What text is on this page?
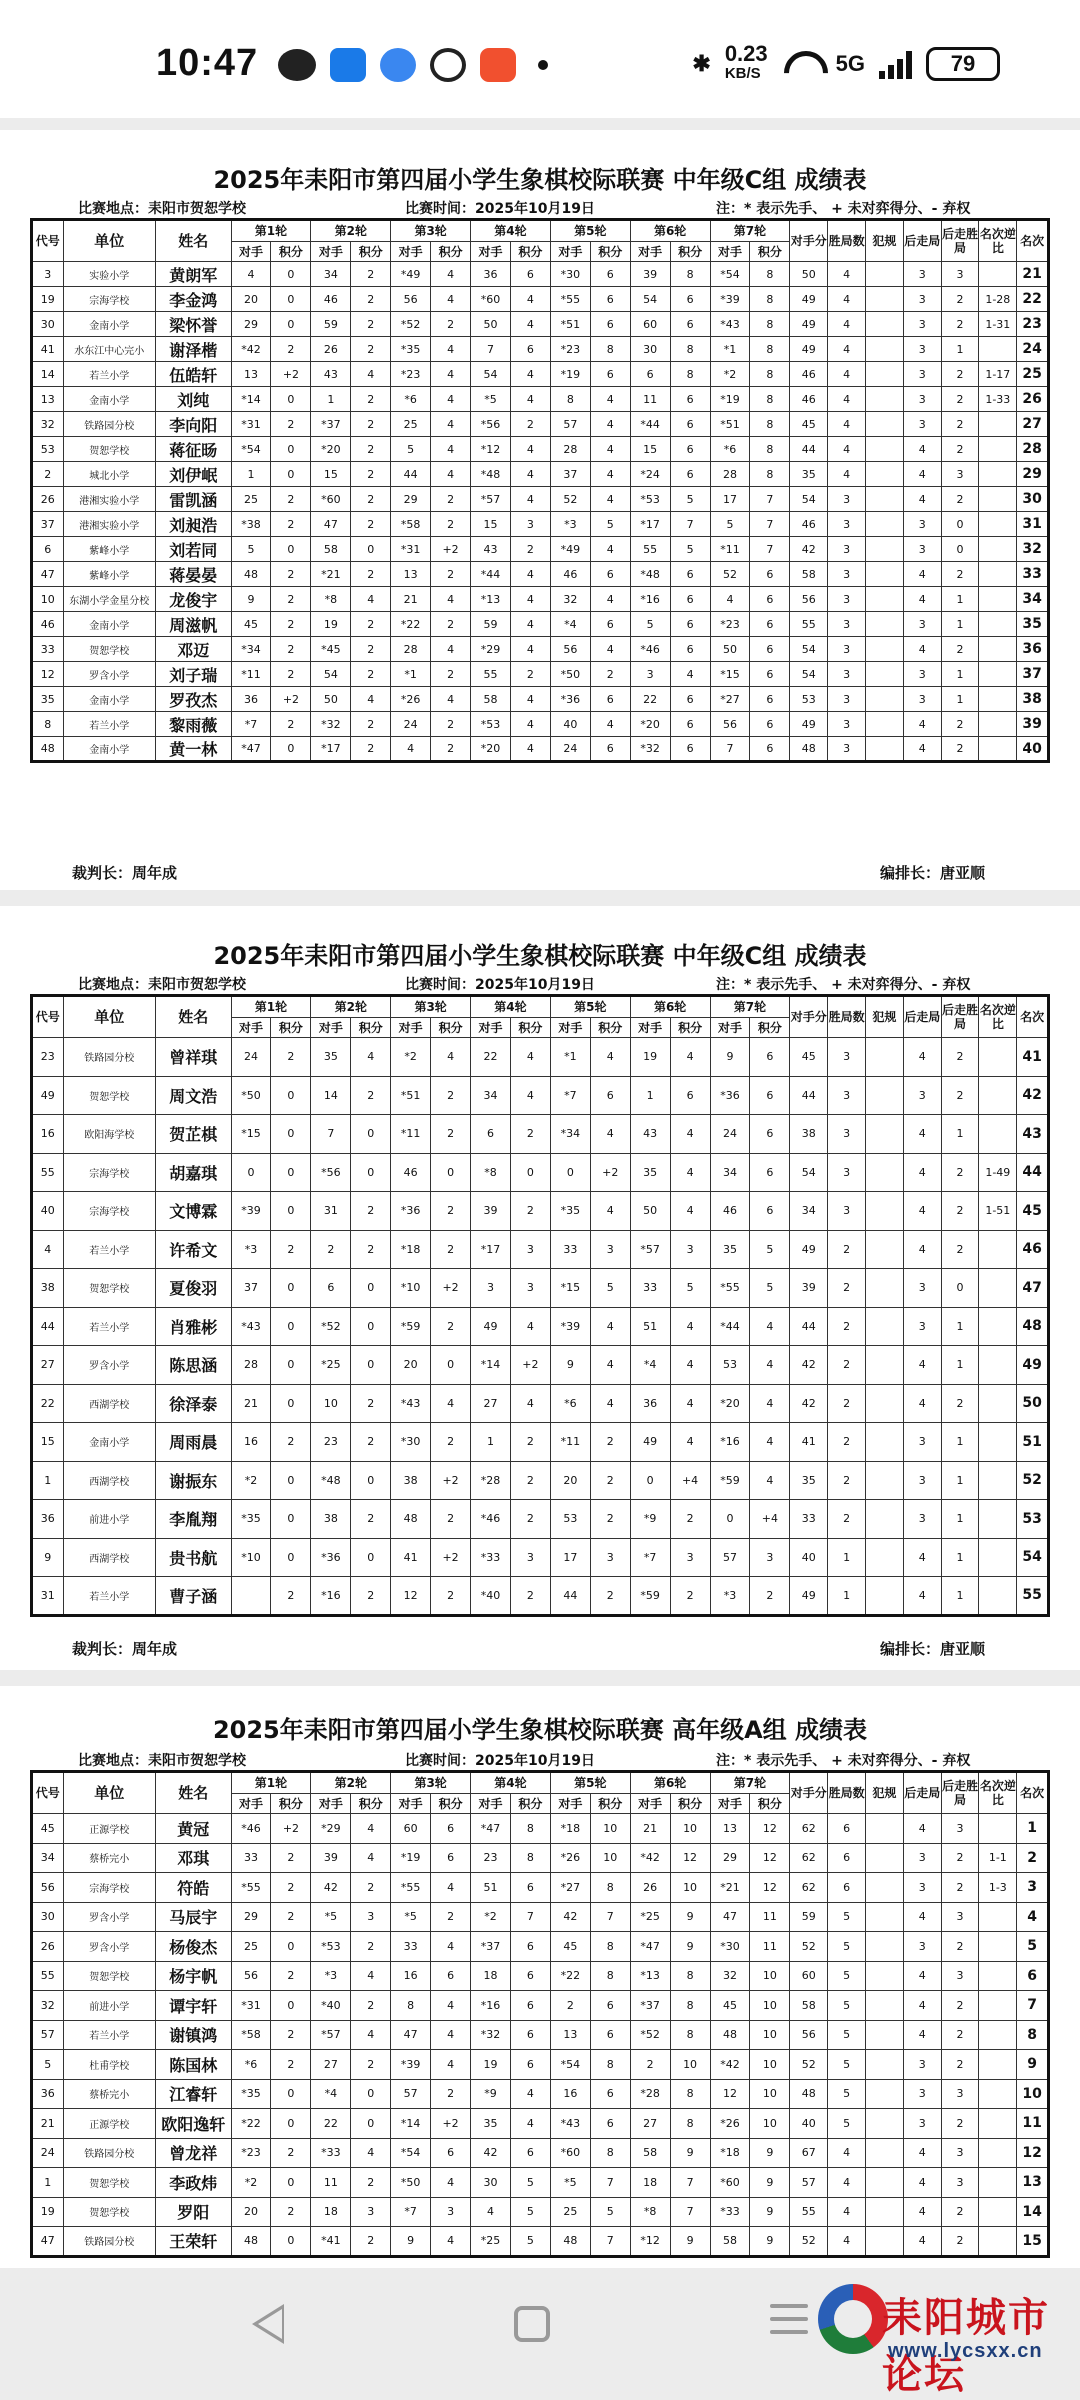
10:47	✱ 0.23
KB/S	5G	79
2025年耒阳市第四届小学生象棋校际联赛 中年级C组 成绩表
比赛地点：耒阳市贺恕学校	比赛时间：2025年10月19日	注：* 表示先手、 + 未对弈得分、- 弃权
代号	单位	姓名	第1轮		第2轮		第3轮		第4轮		第5轮		第6轮		第7轮		对手分	胜局数	犯规	后走局	后走胜局	名次逆比	名次
			对手	积分	对手	积分	对手	积分	对手	积分	对手	积分	对手	积分	对手	积分							
3	实验小学	黄朗军	4	0	34	2	*49	4	36	6	*30	6	39	8	*54	8	50	4		3	3		21
19	宗海学校	李金鸿	20	0	46	2	56	4	*60	4	*55	6	54	6	*39	8	49	4		3	2	1-28	22
30	金南小学	梁怀誉	29	0	59	2	*52	2	50	4	*51	6	60	6	*43	8	49	4		3	2	1-31	23
41	水东江中心完小	谢泽楷	*42	2	26	2	*35	4	7	6	*23	8	30	8	*1	8	49	4		3	1		24
14	若兰小学	伍皓轩	13	+2	43	4	*23	4	54	4	*19	6	6	8	*2	8	46	4		3	2	1-17	25
13	金南小学	刘纯	*14	0	1	2	*6	4	*5	4	8	4	11	6	*19	8	46	4		3	2	1-33	26
32	铁路园分校	李向阳	*31	2	*37	2	25	4	*56	2	57	4	*44	6	*51	8	45	4		3	2		27
53	贺恕学校	蒋征旸	*54	0	*20	2	5	4	*12	4	28	4	15	6	*6	8	44	4		4	2		28
2	城北小学	刘伊岷	1	0	15	2	44	4	*48	4	37	4	*24	6	28	8	35	4		4	3		29
26	港湘实验小学	雷凯涵	25	2	*60	2	29	2	*57	4	52	4	*53	5	17	7	54	3		4	2		30
37	港湘实验小学	刘昶浩	*38	2	47	2	*58	2	15	3	*3	5	*17	7	5	7	46	3		3	0		31
6	紫峰小学	刘若同	5	0	58	0	*31	+2	43	2	*49	4	55	5	*11	7	42	3		3	0		32
47	紫峰小学	蒋晏晏	48	2	*21	2	13	2	*44	4	46	6	*48	6	52	6	58	3		4	2		33
10	东湖小学金星分校	龙俊宇	9	2	*8	4	21	4	*13	4	32	4	*16	6	4	6	56	3		4	1		34
46	金南小学	周滋帆	45	2	19	2	*22	2	59	4	*4	6	5	6	*23	6	55	3		3	1		35
33	贺恕学校	邓迈	*34	2	*45	2	28	4	*29	4	56	4	*46	6	50	6	54	3		4	2		36
12	罗含小学	刘子瑞	*11	2	54	2	*1	2	55	2	*50	2	3	4	*15	6	54	3		3	1		37
35	金南小学	罗孜杰	36	+2	50	4	*26	4	58	4	*36	6	22	6	*27	6	53	3		3	1		38
8	若兰小学	黎雨薇	*7	2	*32	2	24	2	*53	4	40	4	*20	6	56	6	49	3		4	2		39
48	金南小学	黄一林	*47	0	*17	2	4	2	*20	4	24	6	*32	6	7	6	48	3		4	2		40
裁判长：周年成	编排长：唐亚顺
2025年耒阳市第四届小学生象棋校际联赛 中年级C组 成绩表
比赛地点：耒阳市贺恕学校	比赛时间：2025年10月19日	注：* 表示先手、 + 未对弈得分、- 弃权
代号	单位	姓名	第1轮		第2轮		第3轮		第4轮		第5轮		第6轮		第7轮		对手分	胜局数	犯规	后走局	后走胜局	名次逆比	名次
			对手	积分	对手	积分	对手	积分	对手	积分	对手	积分	对手	积分	对手	积分							
23	铁路园分校	曾祥琪	24	2	35	4	*2	4	22	4	*1	4	19	4	9	6	45	3		4	2		41
49	贺恕学校	周文浩	*50	0	14	2	*51	2	34	4	*7	6	1	6	*36	6	44	3		3	2		42
16	欧阳海学校	贺芷棋	*15	0	7	0	*11	2	6	2	*34	4	43	4	24	6	38	3		4	1		43
55	宗海学校	胡嘉琪	0	0	*56	0	46	0	*8	0	0	+2	35	4	34	6	54	3		4	2	1-49	44
40	宗海学校	文博霖	*39	0	31	2	*36	2	39	2	*35	4	50	4	46	6	34	3		4	2	1-51	45
4	若兰小学	许希文	*3	2	2	2	*18	2	*17	3	33	3	*57	3	35	5	49	2		4	2		46
38	贺恕学校	夏俊羽	37	0	6	0	*10	+2	3	3	*15	5	33	5	*55	5	39	2		3	0		47
44	若兰小学	肖雅彬	*43	0	*52	0	*59	2	49	4	*39	4	51	4	*44	4	44	2		3	1		48
27	罗含小学	陈思涵	28	0	*25	0	20	0	*14	+2	9	4	*4	4	53	4	42	2		4	1		49
22	西湖学校	徐泽泰	21	0	10	2	*43	4	27	4	*6	4	36	4	*20	4	42	2		4	2		50
15	金南小学	周雨晨	16	2	23	2	*30	2	1	2	*11	2	49	4	*16	4	41	2		3	1		51
1	西湖学校	谢振东	*2	0	*48	0	38	+2	*28	2	20	2	0	+4	*59	4	35	2		3	1		52
36	前进小学	李胤翔	*35	0	38	2	48	2	*46	2	53	2	*9	2	0	+4	33	2		3	1		53
9	西湖学校	贵书航	*10	0	*36	0	41	+2	*33	3	17	3	*7	3	57	3	40	1		4	1		54
31	若兰小学	曹子涵		2	*16	2	12	2	*40	2	44	2	*59	2	*3	2	49	1		4	1		55
裁判长：周年成	编排长：唐亚顺
2025年耒阳市第四届小学生象棋校际联赛 高年级A组 成绩表
比赛地点：耒阳市贺恕学校	比赛时间：2025年10月19日	注：* 表示先手、 + 未对弈得分、- 弃权
代号	单位	姓名	第1轮		第2轮		第3轮		第4轮		第5轮		第6轮		第7轮		对手分	胜局数	犯规	后走局	后走胜局	名次逆比	名次
			对手	积分	对手	积分	对手	积分	对手	积分	对手	积分	对手	积分	对手	积分							
45	正源学校	黄冠	*46	+2	*29	4	60	6	*47	8	*18	10	21	10	13	12	62	6		4	3		1
34	蔡桥完小	邓琪	33	2	39	4	*19	6	23	8	*26	10	*42	12	29	12	62	6		3	2	1-1	2
56	宗海学校	符皓	*55	2	42	2	*55	4	51	6	*27	8	26	10	*21	12	62	6		3	2	1-3	3
30	罗含小学	马辰宇	29	2	*5	3	*5	2	*2	7	42	7	*25	9	47	11	59	5		4	3		4
26	罗含小学	杨俊杰	25	0	*53	2	33	4	*37	6	45	8	*47	9	*30	11	52	5		3	2		5
55	贺恕学校	杨宇帆	56	2	*3	4	16	6	18	6	*22	8	*13	8	32	10	60	5		4	3		6
32	前进小学	谭宇轩	*31	0	*40	2	8	4	*16	6	2	6	*37	8	45	10	58	5		4	2		7
57	若兰小学	谢镇鸿	*58	2	*57	4	47	4	*32	6	13	6	*52	8	48	10	56	5		4	2		8
5	杜甫学校	陈国林	*6	2	27	2	*39	4	19	6	*54	8	2	10	*42	10	52	5		3	2		9
36	蔡桥完小	江睿轩	*35	0	*4	0	57	2	*9	4	16	6	*28	8	12	10	48	5		3	3		10
21	正源学校	欧阳逸轩	*22	0	22	0	*14	+2	35	4	*43	6	27	8	*26	10	40	5		3	2		11
24	铁路园分校	曾龙祥	*23	2	*33	4	*54	6	42	6	*60	8	58	9	*18	9	67	4		4	3		12
1	贺恕学校	李政炜	*2	0	11	2	*50	4	30	5	*5	7	18	7	*60	9	57	4		4	3		13
19	贺恕学校	罗阳	20	2	18	3	*7	3	4	5	25	5	*8	7	*33	9	55	4		4	2		14
47	铁路园分校	王荣轩	48	0	*41	2	9	4	*25	5	48	7	*12	9	58	9	52	4		4	2		15
耒阳城市论坛
www.lycsxx.cn
